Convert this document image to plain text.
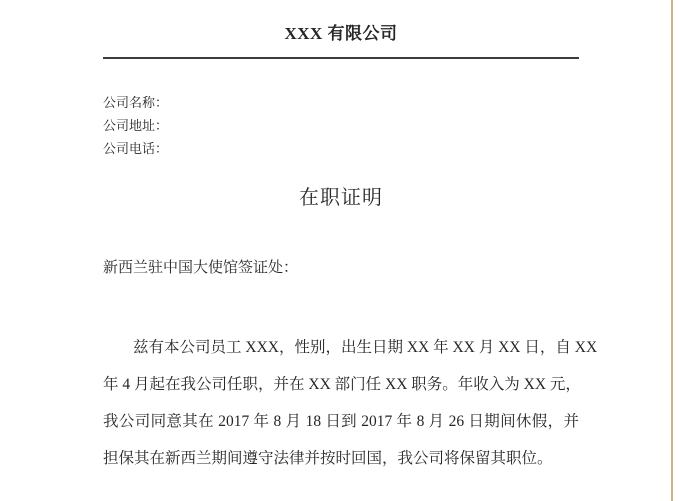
XXX 有限公司
公司名称：
公司地址：
公司电话：
在职证明
新西兰驻中国大使馆签证处：
兹有本公司员工 XXX，性别，出生日期 XX 年 XX 月 XX 日，自 XX
年 4 月起在我公司任职，并在 XX 部门任 XX 职务。年收入为 XX 元，
我公司同意其在 2017 年 8 月 18 日到 2017 年 8 月 26 日期间休假，并
担保其在新西兰期间遵守法律并按时回国，我公司将保留其职位。
